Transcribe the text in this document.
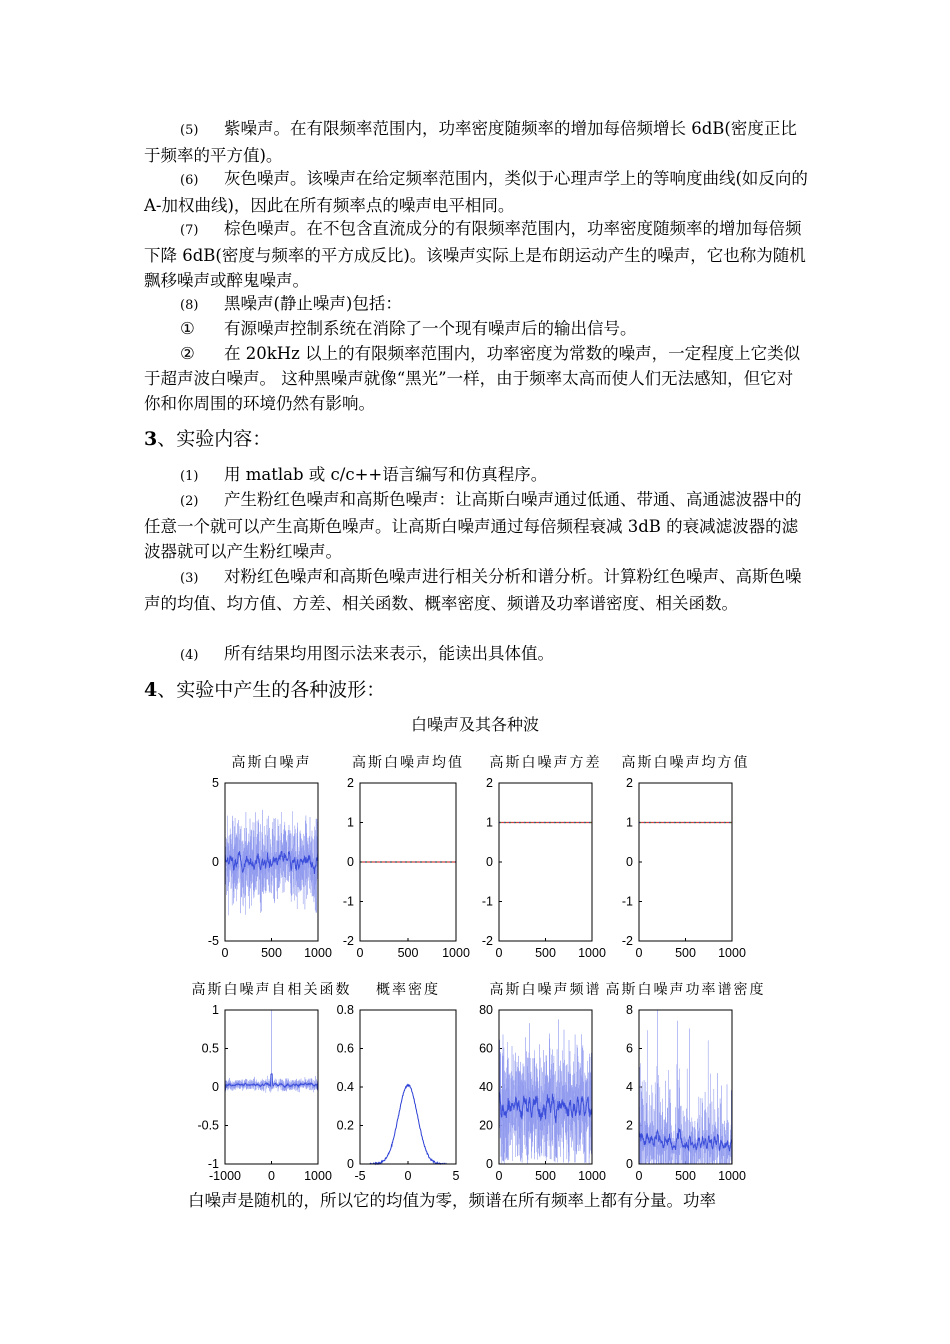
(5) 紫噪声。在有限频率范围内，功率密度随频率的增加每倍频增长 6dB(密度正比于频率的平方值)。

(6) 灰色噪声。该噪声在给定频率范围内，类似于心理声学上的等响度曲线(如反向的 A-加权曲线)，因此在所有频率点的噪声电平相同。

(7) 棕色噪声。在不包含直流成分的有限频率范围内，功率密度随频率的增加每倍频下降 6dB(密度与频率的平方成反比)。该噪声实际上是布朗运动产生的噪声，它也称为随机飘移噪声或醉鬼噪声。

(8) 黑噪声(静止噪声)包括：

① 有源噪声控制系统在消除了一个现有噪声后的输出信号。

② 在 20kHz 以上的有限频率范围内，功率密度为常数的噪声，一定程度上它类似于超声波白噪声。 这种黑噪声就像“黑光”一样，由于频率太高而使人们无法感知，但它对你和你周围的环境仍然有影响。

3、实验内容：

(1) 用 matlab 或 c/c++语言编写和仿真程序。

(2) 产生粉红色噪声和高斯色噪声：让高斯白噪声通过低通、带通、高通滤波器中的任意一个就可以产生高斯色噪声。让高斯白噪声通过每倍频程衰减 3dB 的衰减滤波器的滤波器就可以产生粉红噪声。

(3) 对粉红色噪声和高斯色噪声进行相关分析和谱分析。计算粉红色噪声、高斯色噪声的均值、均方值、方差、相关函数、概率密度、频谱及功率谱密度、相关函数。

(4) 所有结果均用图示法来表示，能读出具体值。

4、实验中产生的各种波形：

白噪声及其各种波
高斯白噪声
5
0
-5
0	500 1000
高斯白噪声均值
2
1
0
-1
-2
0	500 1000
高斯白噪声方差
2
1
0
-1
-2
0	500 1000
高斯白噪声均方值
2
1
0
-1
-2
0	500 1000
高斯白噪声自相关函数
1
0.5
0
-0.5
-1
-1000 0 1000
概率密度
0.8
0.6
0.4
0.2
0
-5	0	5
高斯白噪声频谱
80
60
40
20
0
0	500 1000
高斯白噪声功率谱密度
8
6
4
2
0
0	500 1000

白噪声是随机的，所以它的均值为零，频谱在所有频率上都有分量。功率
